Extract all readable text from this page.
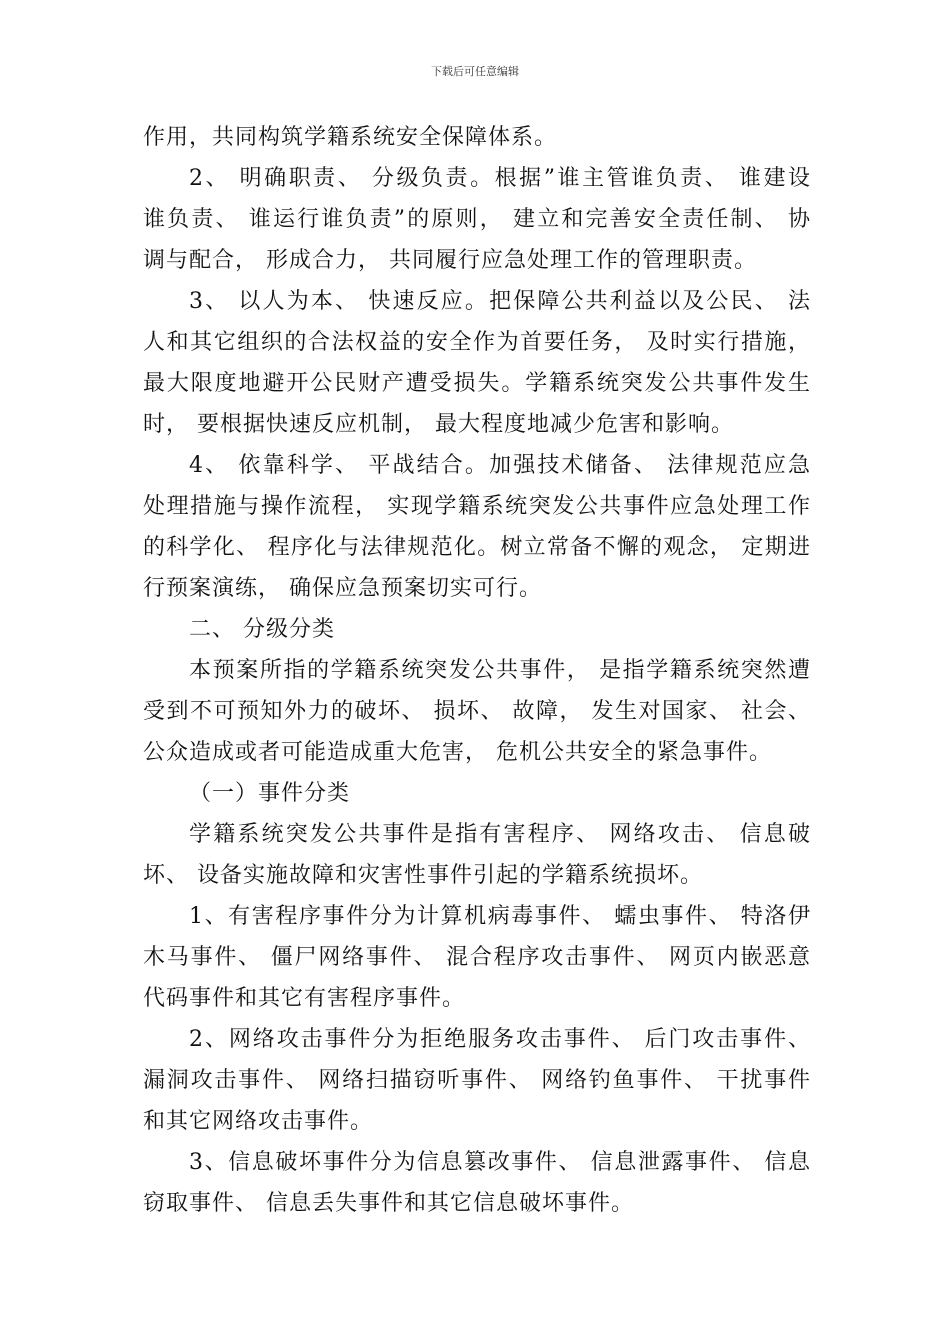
下载后可任意编辑
作用，共同构筑学籍系统安全保障体系。
2、 明确职责、 分级负责。根据”谁主管谁负责、 谁建设
谁负责、 谁运行谁负责”的原则， 建立和完善安全责任制、 协
调与配合， 形成合力， 共同履行应急处理工作的管理职责。
3、 以人为本、 快速反应。把保障公共利益以及公民、 法
人和其它组织的合法权益的安全作为首要任务， 及时实行措施，
最大限度地避开公民财产遭受损失。学籍系统突发公共事件发生
时， 要根据快速反应机制， 最大程度地减少危害和影响。
4、 依靠科学、 平战结合。加强技术储备、 法律规范应急
处理措施与操作流程， 实现学籍系统突发公共事件应急处理工作
的科学化、 程序化与法律规范化。树立常备不懈的观念， 定期进
行预案演练， 确保应急预案切实可行。
二、 分级分类
本预案所指的学籍系统突发公共事件， 是指学籍系统突然遭
受到不可预知外力的破坏、 损坏、 故障， 发生对国家、 社会、
公众造成或者可能造成重大危害， 危机公共安全的紧急事件。
（一）事件分类
学籍系统突发公共事件是指有害程序、 网络攻击、 信息破
坏、 设备实施故障和灾害性事件引起的学籍系统损坏。
1、有害程序事件分为计算机病毒事件、 蠕虫事件、 特洛伊
木马事件、 僵尸网络事件、 混合程序攻击事件、 网页内嵌恶意
代码事件和其它有害程序事件。
2、网络攻击事件分为拒绝服务攻击事件、 后门攻击事件、
漏洞攻击事件、 网络扫描窃听事件、 网络钓鱼事件、 干扰事件
和其它网络攻击事件。
3、信息破坏事件分为信息篡改事件、 信息泄露事件、 信息
窃取事件、 信息丢失事件和其它信息破坏事件。
